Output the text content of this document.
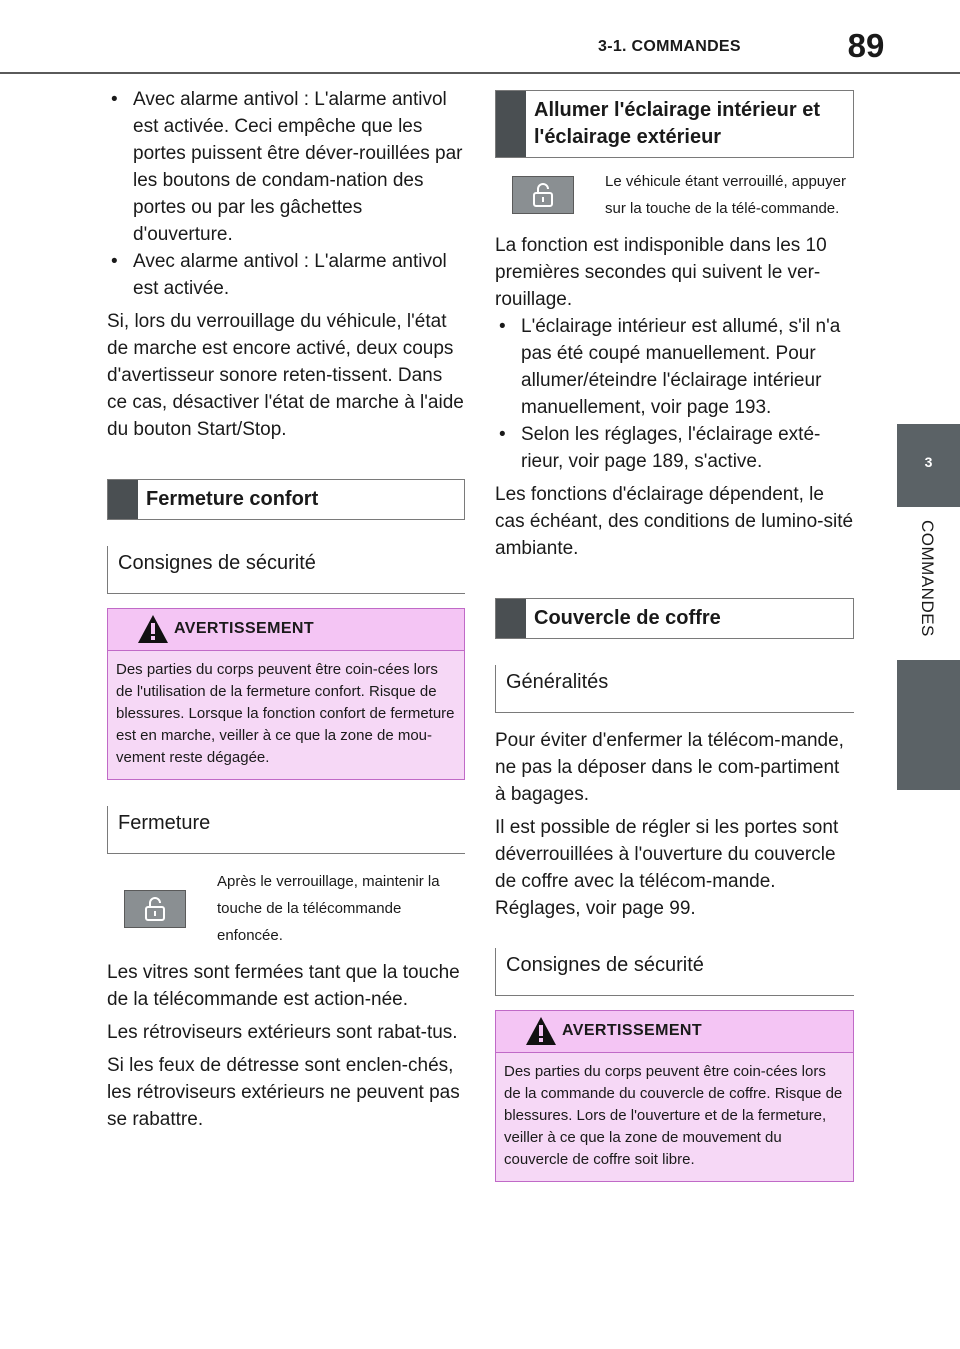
3-1. COMMANDES	89
3
COMMANDES
• Avec alarme antivol : L'alarme antivol est activée. Ceci empêche que les portes puissent être déver-rouillées par les boutons de condam-nation des portes ou par les gâchettes d'ouverture.
• Avec alarme antivol : L'alarme antivol est activée.
Si, lors du verrouillage du véhicule, l'état de marche est encore activé, deux coups d'avertisseur sonore reten-tissent. Dans ce cas, désactiver l'état de marche à l'aide du bouton Start/Stop.
Fermeture confort
Consignes de sécurité
AVERTISSEMENT
Des parties du corps peuvent être coin-cées lors de l'utilisation de la fermeture confort. Risque de blessures. Lorsque la fonction confort de fermeture est en marche, veiller à ce que la zone de mou-vement reste dégagée.
Fermeture
Après le verrouillage, maintenir la touche de la télécommande enfoncée.
Les vitres sont fermées tant que la touche de la télécommande est action-née.
Les rétroviseurs extérieurs sont rabat-tus.
Si les feux de détresse sont enclen-chés, les rétroviseurs extérieurs ne peuvent pas se rabattre.
Allumer l'éclairage intérieur et l'éclairage extérieur
Le véhicule étant verrouillé, appuyer sur la touche de la télé-commande.
La fonction est indisponible dans les 10 premières secondes qui suivent le ver-rouillage.
• L'éclairage intérieur est allumé, s'il n'a pas été coupé manuellement. Pour allumer/éteindre l'éclairage intérieur manuellement, voir page 193.
• Selon les réglages, l'éclairage exté-rieur, voir page 189, s'active.
Les fonctions d'éclairage dépendent, le cas échéant, des conditions de lumino-sité ambiante.
Couvercle de coffre
Généralités
Pour éviter d'enfermer la télécom-mande, ne pas la déposer dans le com-partiment à bagages.
Il est possible de régler si les portes sont déverrouillées à l'ouverture du couvercle de coffre avec la télécom-mande. Réglages, voir page 99.
Consignes de sécurité
AVERTISSEMENT
Des parties du corps peuvent être coin-cées lors de la commande du couvercle de coffre. Risque de blessures. Lors de l'ouverture et de la fermeture, veiller à ce que la zone de mouvement du couvercle de coffre soit libre.
